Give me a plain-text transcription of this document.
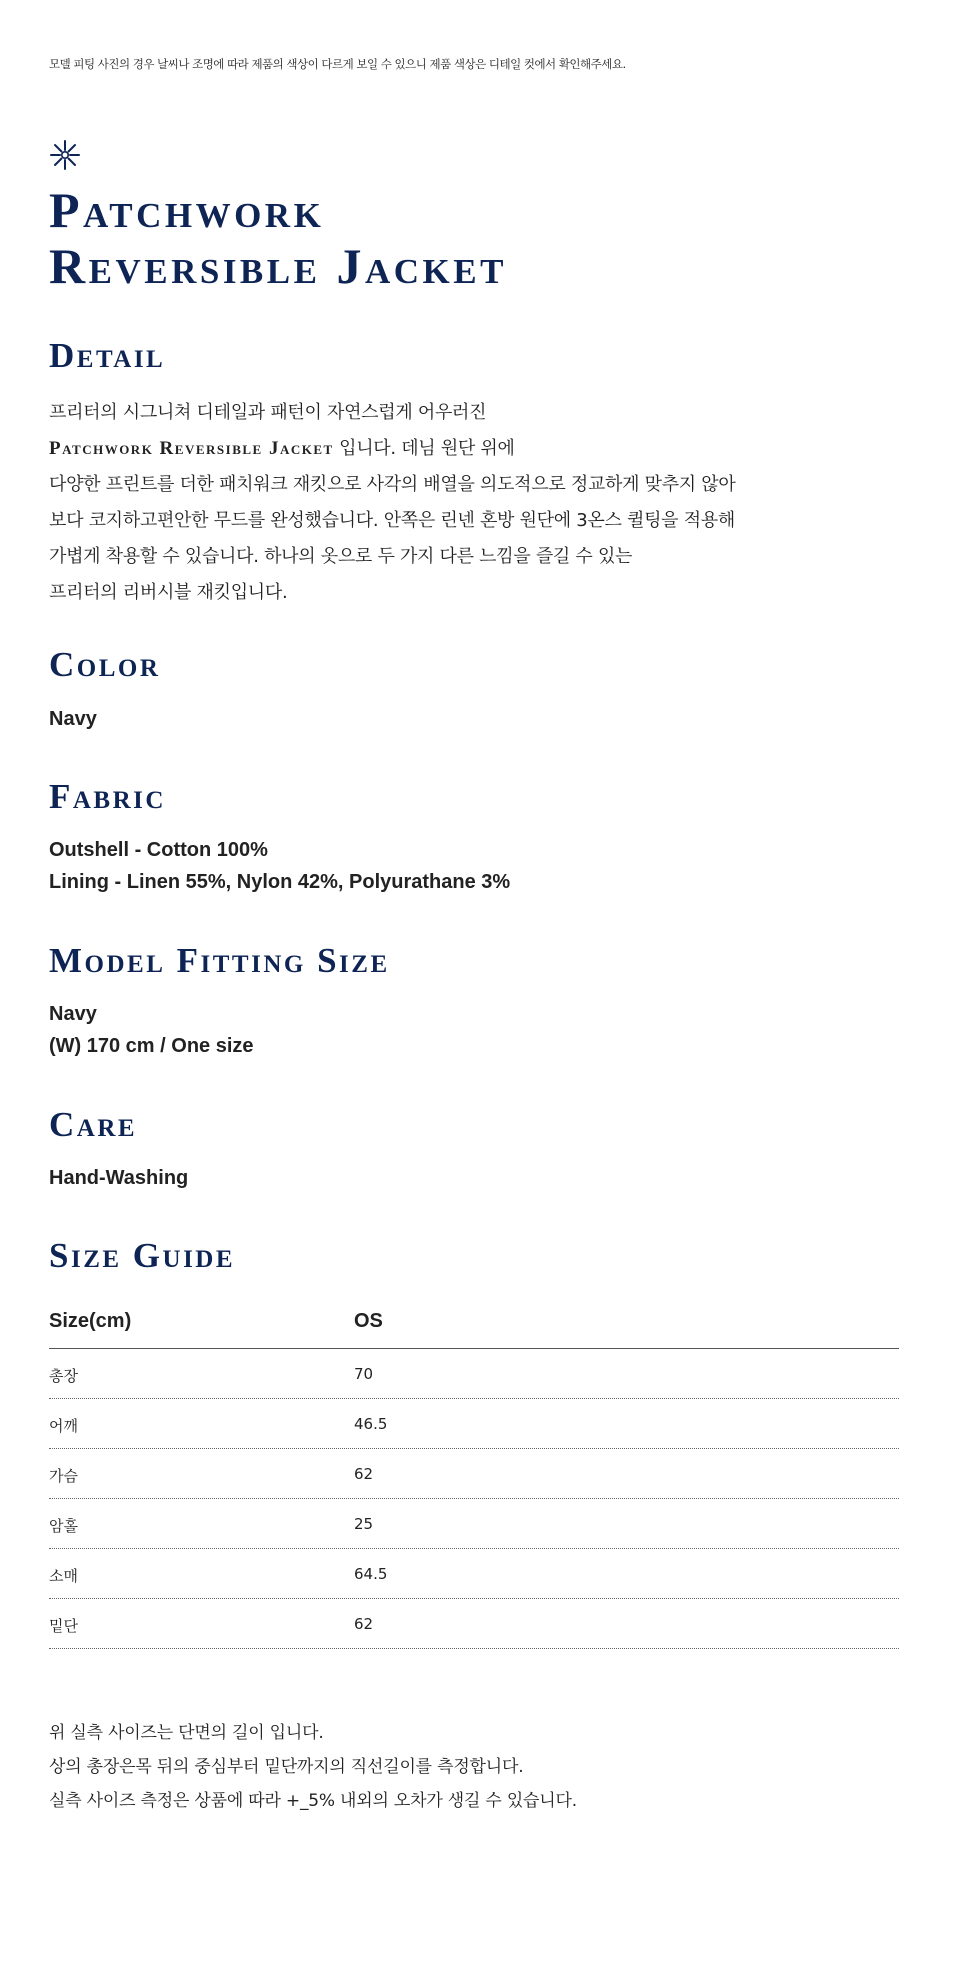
모델 피팅 사진의 경우 날씨나 조명에 따라 제품의 색상이 다르게 보일 수 있으니 제품 색상은 디테일 컷에서 확인해주세요.
Patchwork
Reversible Jacket
Detail
프리터의 시그니쳐 디테일과 패턴이 자연스럽게 어우러진
Patchwork Reversible Jacket 입니다. 데님 원단 위에
다양한 프린트를 더한 패치워크 재킷으로 사각의 배열을 의도적으로 정교하게 맞추지 않아
보다 코지하고편안한 무드를 완성했습니다. 안쪽은 린넨 혼방 원단에 3온스 퀼팅을 적용해
가볍게 착용할 수 있습니다. 하나의 옷으로 두 가지 다른 느낌을 즐길 수 있는
프리터의 리버시블 재킷입니다.
Color
Navy
Fabric
Outshell - Cotton 100%
Lining - Linen 55%, Nylon 42%, Polyurathane 3%
Model Fitting Size
Navy
(W) 170 cm / One size
Care
Hand-Washing
Size Guide
Size(cm)	OS
총장	70
어깨	46.5
가슴	62
암홀	25
소매	64.5
밑단	62
위 실측 사이즈는 단면의 길이 입니다.
상의 총장은목 뒤의 중심부터 밑단까지의 직선길이를 측정합니다.
실측 사이즈 측정은 상품에 따라 +_5% 내외의 오차가 생길 수 있습니다.
